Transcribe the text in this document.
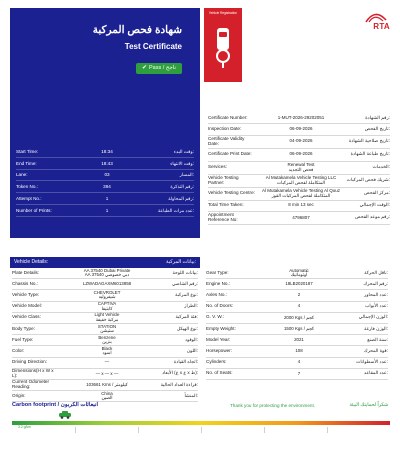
شهادة فحص المركبة
Test Certificate
✔ Pass / ناجح
Start Time:	18:34	وقت البدء:
End Time:	18:43	وقت الانتهاء:
Lane:	03	المسار:
Token No.:	394	رقم التذكرة:
Attempt No.:	1	رقم المحاولة:
Number of Prints:	1	عدد مرات الطباعة:
Vehicle Registration
RTA
Certificate Number:	1-MUT-2026-29202051	رقم الشهادة:
Inspection Date:	06-09-2026	تاريخ الفحص:
Certificate Validity Date:	04-09-2026	تاريخ صلاحية الشهادة:
Certificate Print Date:	06-09-2026	تاريخ طباعة الشهادة:
Services:	Renewal Test
فحص التجديد	الخدمات:
Vehicle Testing Partner:
Al Mutakamela Vehicle Testing LLC
المتكاملة لفحص المركبات	شريك فحص المركبات:
Vehicle Testing Centre:	Al Mutakamela Vehicle Testing Al Qouz
المتكاملة لفحص المركبات القوز	مركز الفحص:
Total Time Taken:	8 min 13 sec	الوقت الإجمالي:
Appointment Reference No:	4796807	رقم موعد الفحص:
Vehicle Details:	بيانات المركبة:
Plate Details:	AA 37540 Dubai Private
AA 37540 دبي خصوصي	بيانات اللوحة:
Chassis No.:	LZWADAGAXM6013858	رقم الشاصي:
Vehicle Type:	CHEVROLET
شيفروليه	نوع المركبة:
Vehicle Model:	CAPTIVA
كابتيفا	الطراز:
Vehicle Class:	Light Vehicle
مركبة خفيفة	فئة المركبة:
Body Type:	STATION
ستيشن	نوع الهيكل:
Fuel Type:	Benzene
بنزين	الوقود:
Color:	Black
اسود	اللون:
Driving Direction:	—	اتجاه القيادة:
Dimensions(H x W x L):	— x — x —	الأبعاد (ع x ع x ط):
Current Odometer Reading:	103661 Kms / كيلومتر	قراءة العداد الحالية:
Origin:	China
الصين	المنشأ:
Gear Type:	Automatic
أوتوماتيك	ناقل الحركة:
Engine No.:	18LB2020187	رقم المحرك:
Axles No.:	2	عدد المحاور:
No. of Doors:	4	عدد الأبواب:
G. V. W.:	2000 Kgs / كجم	الوزن الإجمالي:
Empty Weight:	1500 Kgs / كجم	الوزن فارغة:
Model Year:	2021	سنة الصنع:
Horsepower:	108	قوة المحرك:
Cylinders:	4	عدد الأسطوانات:
No. of Seats:	7	عدد المقاعد:
Carbon footprint / انبعاثات الكربون	Thank you for protecting the environment.	شكراً لحمايتك البيئة
3.2 g/km
